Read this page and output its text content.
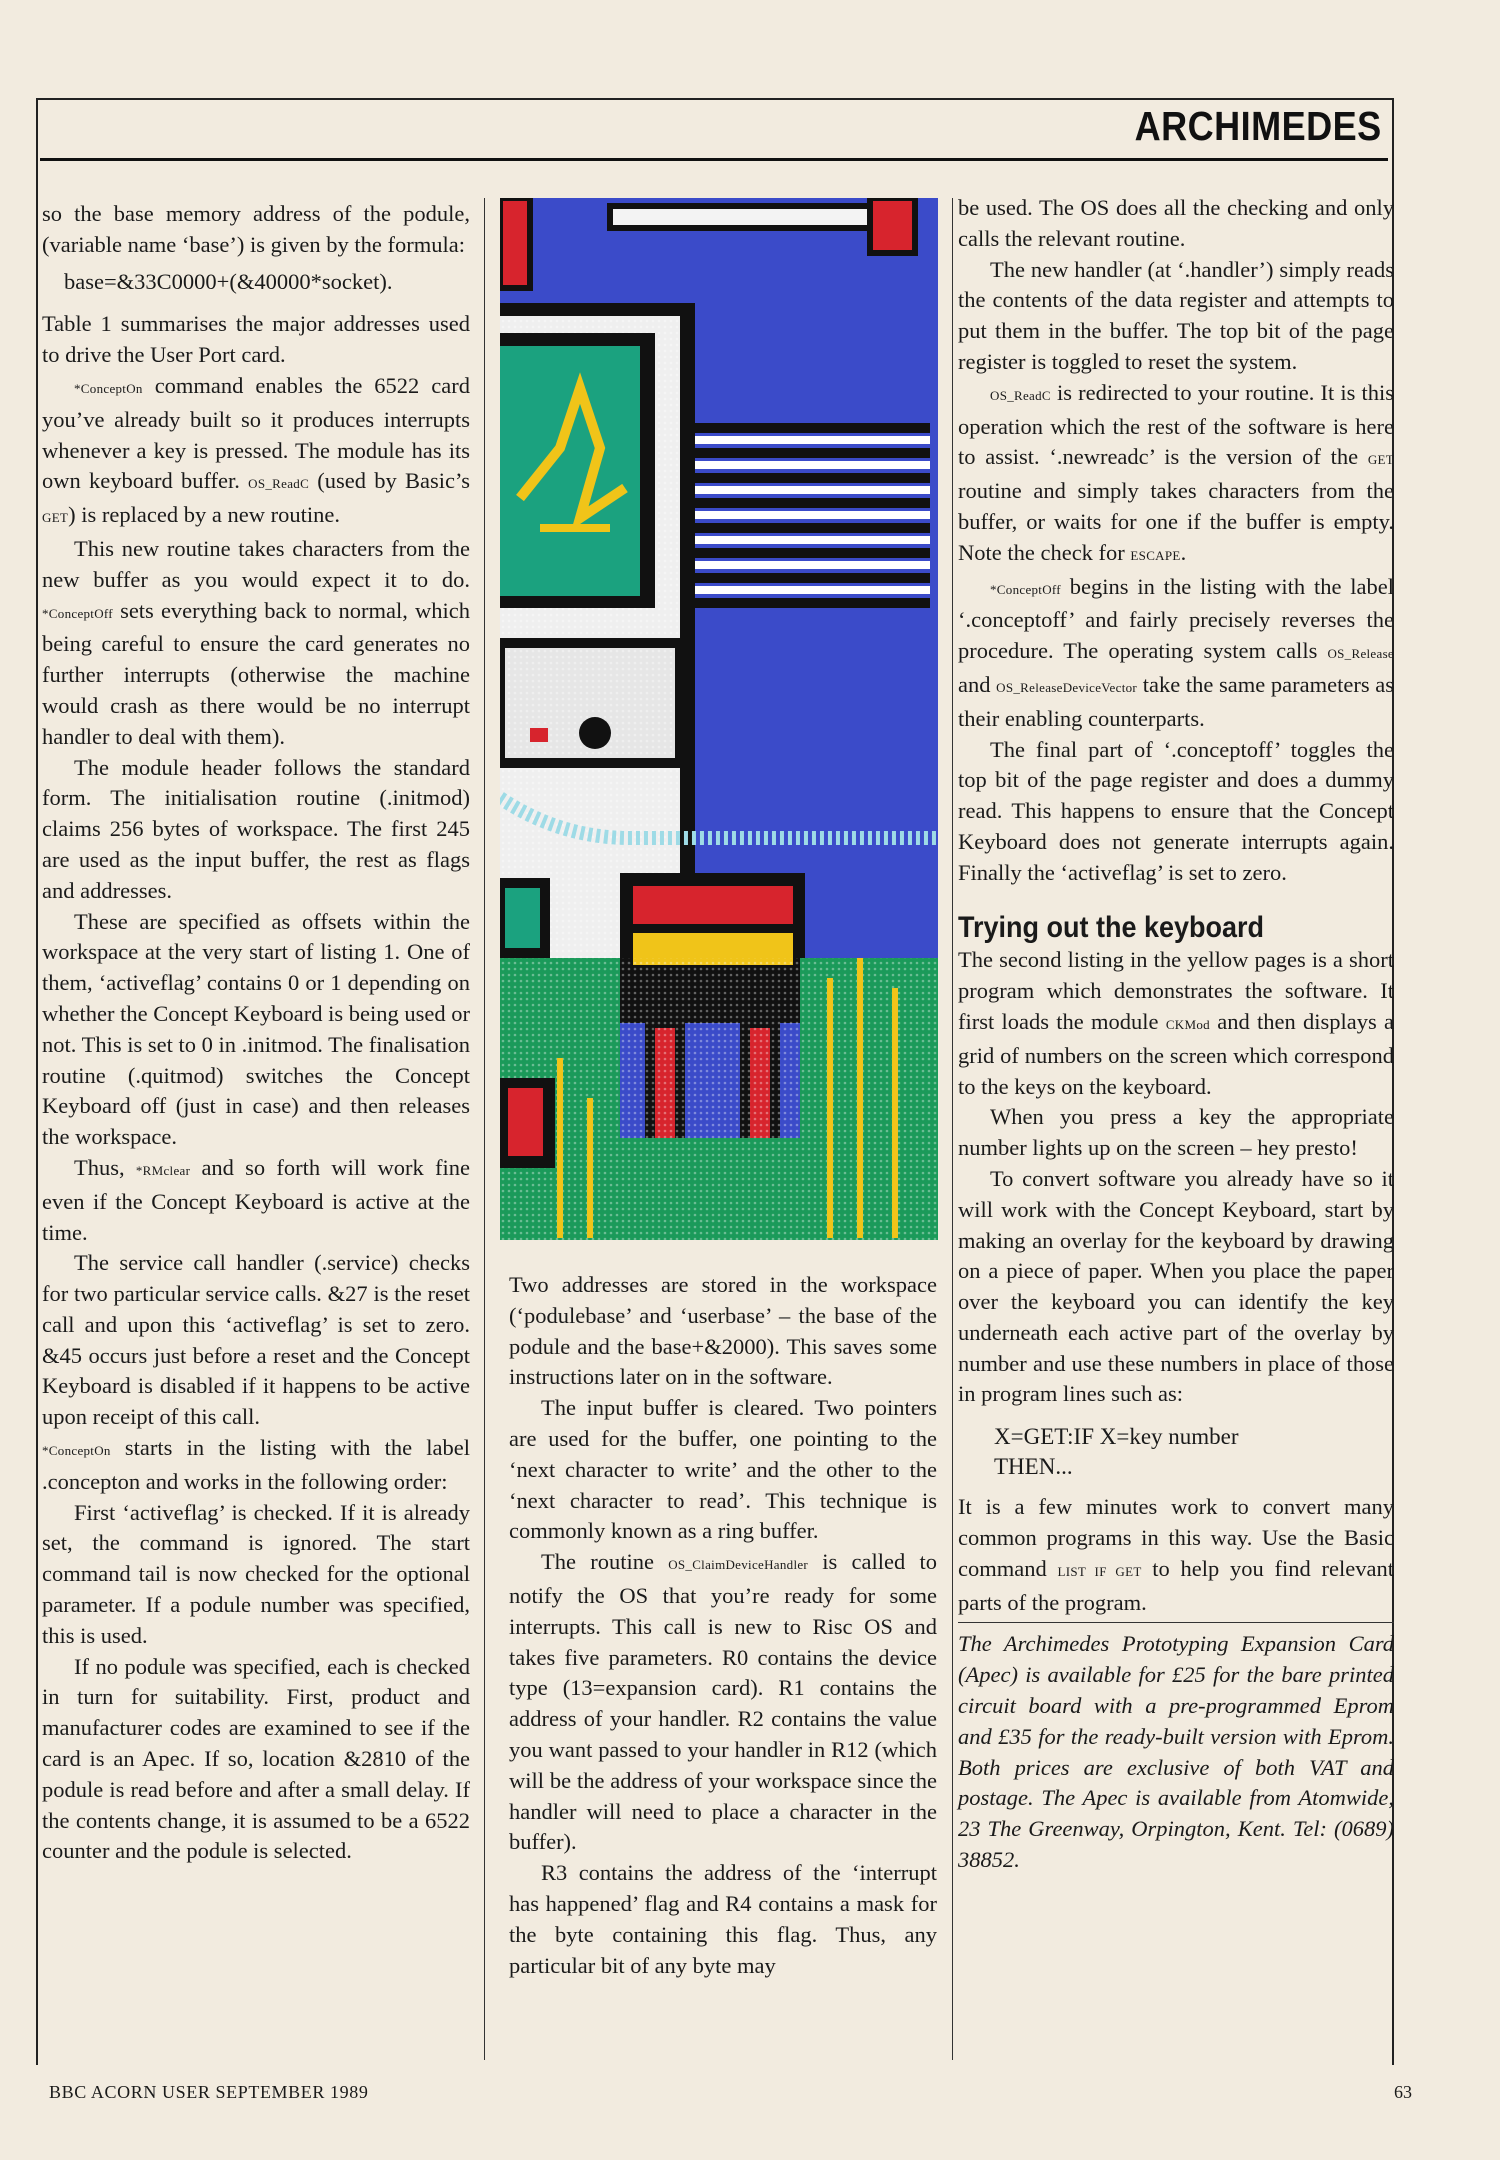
ARCHIMEDES

so the base memory address of the podule, (variable name ‘base’) is given by the formula:

base=&33C0000+(&40000*socket).

Table 1 summarises the major addresses used to drive the User Port card.

*ConceptOn command enables the 6522 card you’ve already built so it produces interrupts whenever a key is pressed. The module has its own keyboard buffer. OS_ReadC (used by Basic’s GET) is replaced by a new routine.

This new routine takes characters from the new buffer as you would expect it to do. *ConceptOff sets everything back to normal, which being careful to ensure the card generates no further interrupts (otherwise the machine would crash as there would be no interrupt handler to deal with them).

The module header follows the standard form. The initialisation routine (.initmod) claims 256 bytes of workspace. The first 245 are used as the input buffer, the rest as flags and addresses.

These are specified as offsets within the workspace at the very start of listing 1. One of them, ‘activeflag’ contains 0 or 1 depending on whether the Concept Keyboard is being used or not. This is set to 0 in .initmod. The finalisation routine (.quitmod) switches the Concept Keyboard off (just in case) and then releases the workspace.

Thus, *RMclear and so forth will work fine even if the Concept Keyboard is active at the time.

The service call handler (.service) checks for two particular service calls. &27 is the reset call and upon this ‘activeflag’ is set to zero. &45 occurs just before a reset and the Concept Keyboard is disabled if it happens to be active upon receipt of this call.

*ConceptOn starts in the listing with the label .concepton and works in the following order:

First ‘activeflag’ is checked. If it is already set, the command is ignored. The start command tail is now checked for the optional parameter. If a podule number was specified, this is used.

If no podule was specified, each is checked in turn for suitability. First, product and manufacturer codes are examined to see if the card is an Apec. If so, location &2810 of the podule is read before and after a small delay. If the contents change, it is assumed to be a 6522 counter and the podule is selected.

Two addresses are stored in the workspace (‘podulebase’ and ‘userbase’ – the base of the podule and the base+&2000). This saves some instructions later on in the software.

The input buffer is cleared. Two pointers are used for the buffer, one pointing to the ‘next character to write’ and the other to the ‘next character to read’. This technique is commonly known as a ring buffer.

The routine OS_ClaimDeviceHandler is called to notify the OS that you’re ready for some interrupts. This call is new to Risc OS and takes five parameters. R0 contains the device type (13=expansion card). R1 contains the address of your handler. R2 contains the value you want passed to your handler in R12 (which will be the address of your workspace since the handler will need to place a character in the buffer).

R3 contains the address of the ‘interrupt has happened’ flag and R4 contains a mask for the byte containing this flag. Thus, any particular bit of any byte may

be used. The OS does all the checking and only calls the relevant routine.

The new handler (at ‘.handler’) simply reads the contents of the data register and attempts to put them in the buffer. The top bit of the page register is toggled to reset the system.

OS_ReadC is redirected to your routine. It is this operation which the rest of the software is here to assist. ‘.newreadc’ is the version of the GET routine and simply takes characters from the buffer, or waits for one if the buffer is empty. Note the check for ESCAPE.

*ConceptOff begins in the listing with the label ‘.conceptoff’ and fairly precisely reverses the procedure. The operating system calls OS_Release and OS_ReleaseDeviceVector take the same parameters as their enabling counterparts.

The final part of ‘.conceptoff’ toggles the top bit of the page register and does a dummy read. This happens to ensure that the Concept Keyboard does not generate interrupts again. Finally the ‘activeflag’ is set to zero.

Trying out the keyboard

The second listing in the yellow pages is a short program which demonstrates the software. It first loads the module CKMod and then displays a grid of numbers on the screen which correspond to the keys on the keyboard.

When you press a key the appropriate number lights up on the screen – hey presto!

To convert software you already have so it will work with the Concept Keyboard, start by making an overlay for the keyboard by drawing on a piece of paper. When you place the paper over the keyboard you can identify the key underneath each active part of the overlay by number and use these numbers in place of those in program lines such as:

X=GET:IF X=key number

THEN...

It is a few minutes work to convert many common programs in this way. Use the Basic command LIST IF GET to help you find relevant parts of the program.

The Archimedes Prototyping Expansion Card (Apec) is available for £25 for the bare printed circuit board with a pre-programmed Eprom and £35 for the ready-built version with Eprom. Both prices are exclusive of both VAT and postage. The Apec is available from Atomwide, 23 The Greenway, Orpington, Kent. Tel: (0689) 38852.

BBC ACORN USER SEPTEMBER 1989	63
